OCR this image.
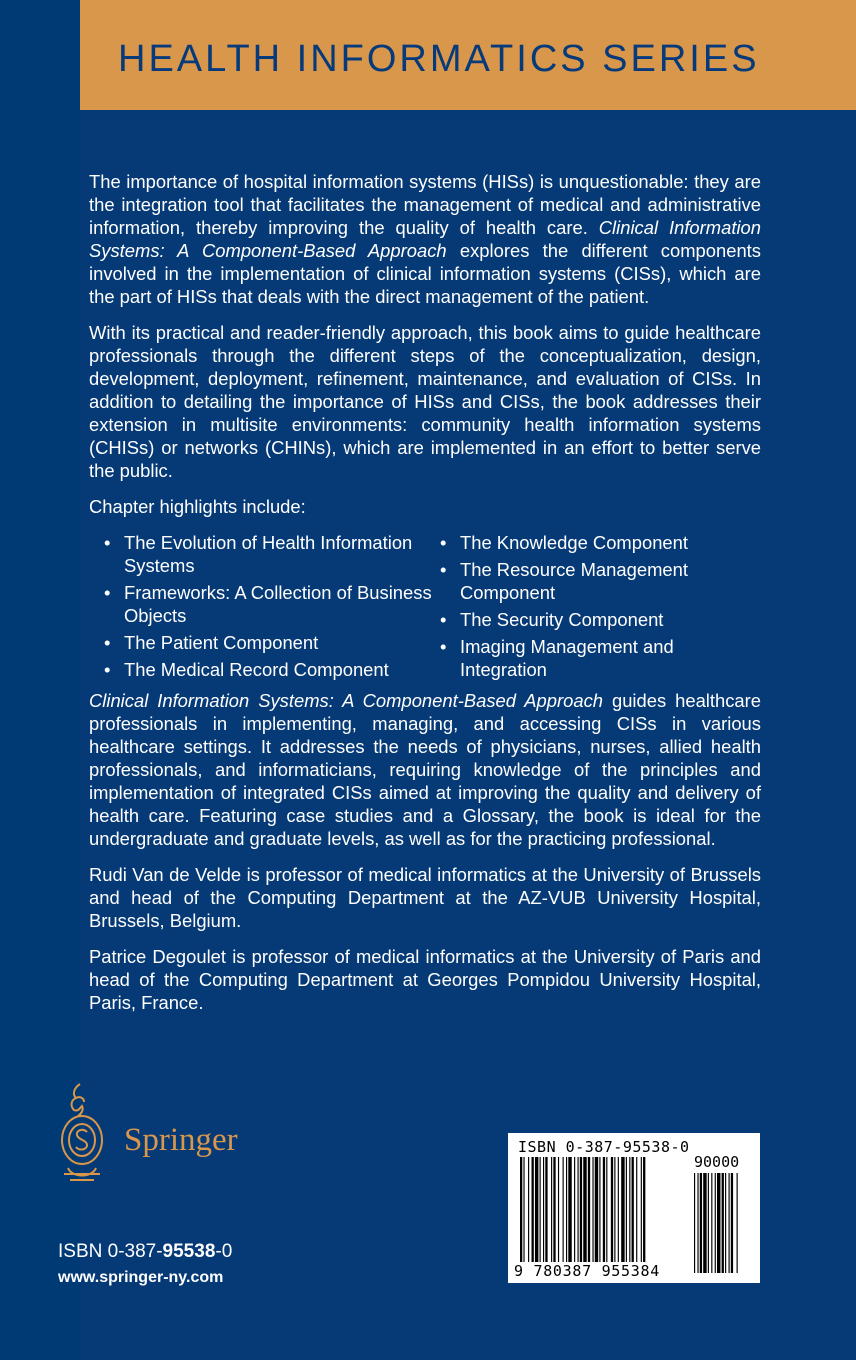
HEALTH INFORMATICS SERIES

The importance of hospital information systems (HISs) is unquestionable: they are the integration tool that facilitates the management of medical and administrative information, thereby improving the quality of health care. Clinical Information Systems: A Component-Based Approach explores the different components involved in the implementation of clinical information systems (CISs), which are the part of HISs that deals with the direct management of the patient.

With its practical and reader-friendly approach, this book aims to guide healthcare professionals through the different steps of the conceptualization, design, development, deployment, refinement, maintenance, and evaluation of CISs. In addition to detailing the importance of HISs and CISs, the book addresses their extension in multisite environments: community health information systems (CHISs) or networks (CHINs), which are implemented in an effort to better serve the public.

Chapter highlights include:

• The Evolution of Health Information Systems
• Frameworks: A Collection of Business Objects
• The Patient Component
• The Medical Record Component
• The Knowledge Component
• The Resource Management Component
• The Security Component
• Imaging Management and Integration

Clinical Information Systems: A Component-Based Approach guides healthcare professionals in implementing, managing, and accessing CISs in various healthcare settings. It addresses the needs of physicians, nurses, allied health professionals, and informaticians, requiring knowledge of the principles and implementation of integrated CISs aimed at improving the quality and delivery of health care. Featuring case studies and a Glossary, the book is ideal for the undergraduate and graduate levels, as well as for the practicing professional.

Rudi Van de Velde is professor of medical informatics at the University of Brussels and head of the Computing Department at the AZ-VUB University Hospital, Brussels, Belgium.

Patrice Degoulet is professor of medical informatics at the University of Paris and head of the Computing Department at Georges Pompidou University Hospital, Paris, France.

Springer
ISBN 0-387-95538-0
www.springer-ny.com
ISBN 0-387-95538-0
90000
9 780387 955384
